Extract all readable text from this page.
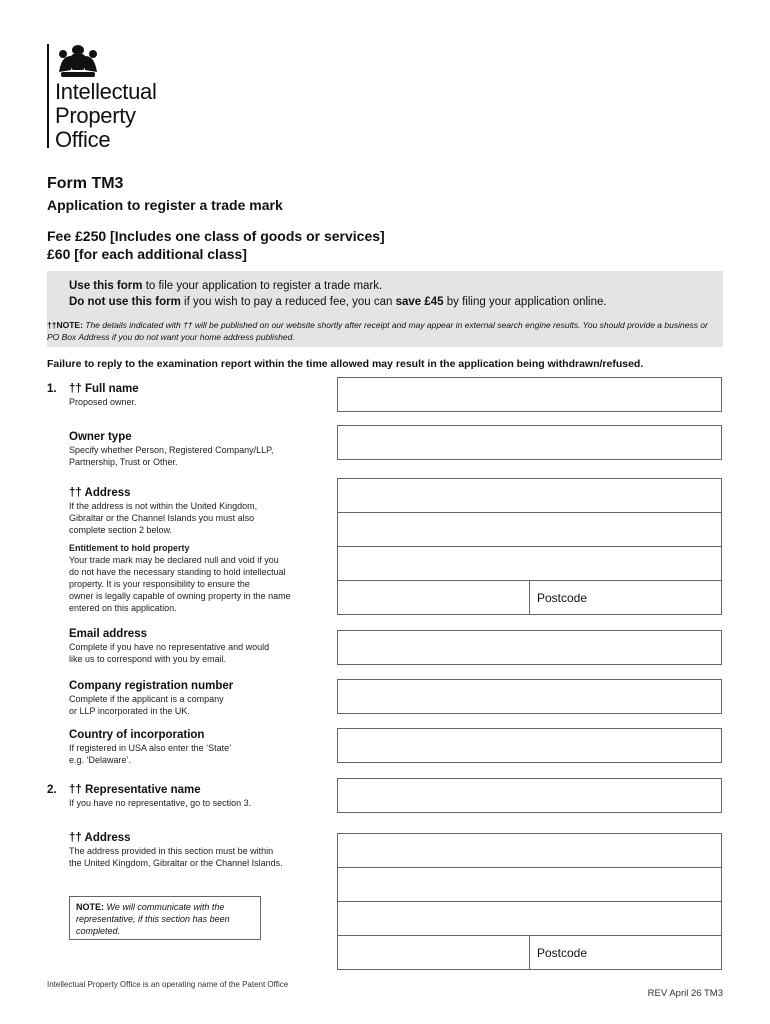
Intellectual
Property
Office
Form TM3
Application to register a trade mark
Fee £250 [Includes one class of goods or services]
£60 [for each additional class]
Use this form to file your application to register a trade mark.
Do not use this form if you wish to pay a reduced fee, you can save £45 by filing your application online.
††NOTE: The details indicated with †† will be published on our website shortly after receipt and may appear in external search engine results. You should provide a business or PO Box Address if you do not want your home address published.
Failure to reply to the examination report within the time allowed may result in the application being withdrawn/refused.
1. †† Full name
Proposed owner.
Owner type
Specify whether Person, Registered Company/LLP,
Partnership, Trust or Other.
†† Address
If the address is not within the United Kingdom,
Gibraltar or the Channel Islands you must also
complete section 2 below.
Entitlement to hold property
Your trade mark may be declared null and void if you
do not have the necessary standing to hold intellectual
property. It is your responsibility to ensure the
owner is legally capable of owning property in the name
entered on this application.
Postcode
Email address
Complete if you have no representative and would
like us to correspond with you by email.
Company registration number
Complete if the applicant is a company
or LLP incorporated in the UK.
Country of incorporation
If registered in USA also enter the ‘State’
e.g. ‘Delaware’.
2. †† Representative name
If you have no representative, go to section 3.
†† Address
The address provided in this section must be within
the United Kingdom, Gibraltar or the Channel Islands.
NOTE: We will communicate with the representative, if this section has been completed.
Postcode
Intellectual Property Office is an operating name of the Patent Office
REV April 26 TM3
